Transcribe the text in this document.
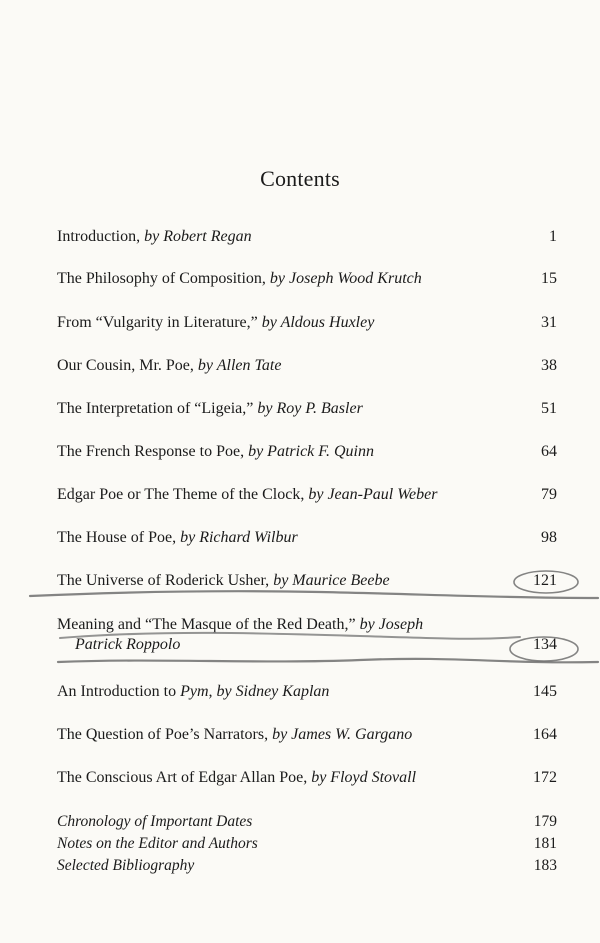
Contents
Introduction, by Robert Regan	1
The Philosophy of Composition, by Joseph Wood Krutch	15
From “Vulgarity in Literature,” by Aldous Huxley	31
Our Cousin, Mr. Poe, by Allen Tate	38
The Interpretation of “Ligeia,” by Roy P. Basler	51
The French Response to Poe, by Patrick F. Quinn	64
Edgar Poe or The Theme of the Clock, by Jean-Paul Weber	79
The House of Poe, by Richard Wilbur	98
The Universe of Roderick Usher, by Maurice Beebe	121
Meaning and “The Masque of the Red Death,” by Joseph
Patrick Roppolo	134
An Introduction to Pym, by Sidney Kaplan	145
The Question of Poe’s Narrators, by James W. Gargano	164
The Conscious Art of Edgar Allan Poe, by Floyd Stovall	172
Chronology of Important Dates	179
Notes on the Editor and Authors	181
Selected Bibliography	183
